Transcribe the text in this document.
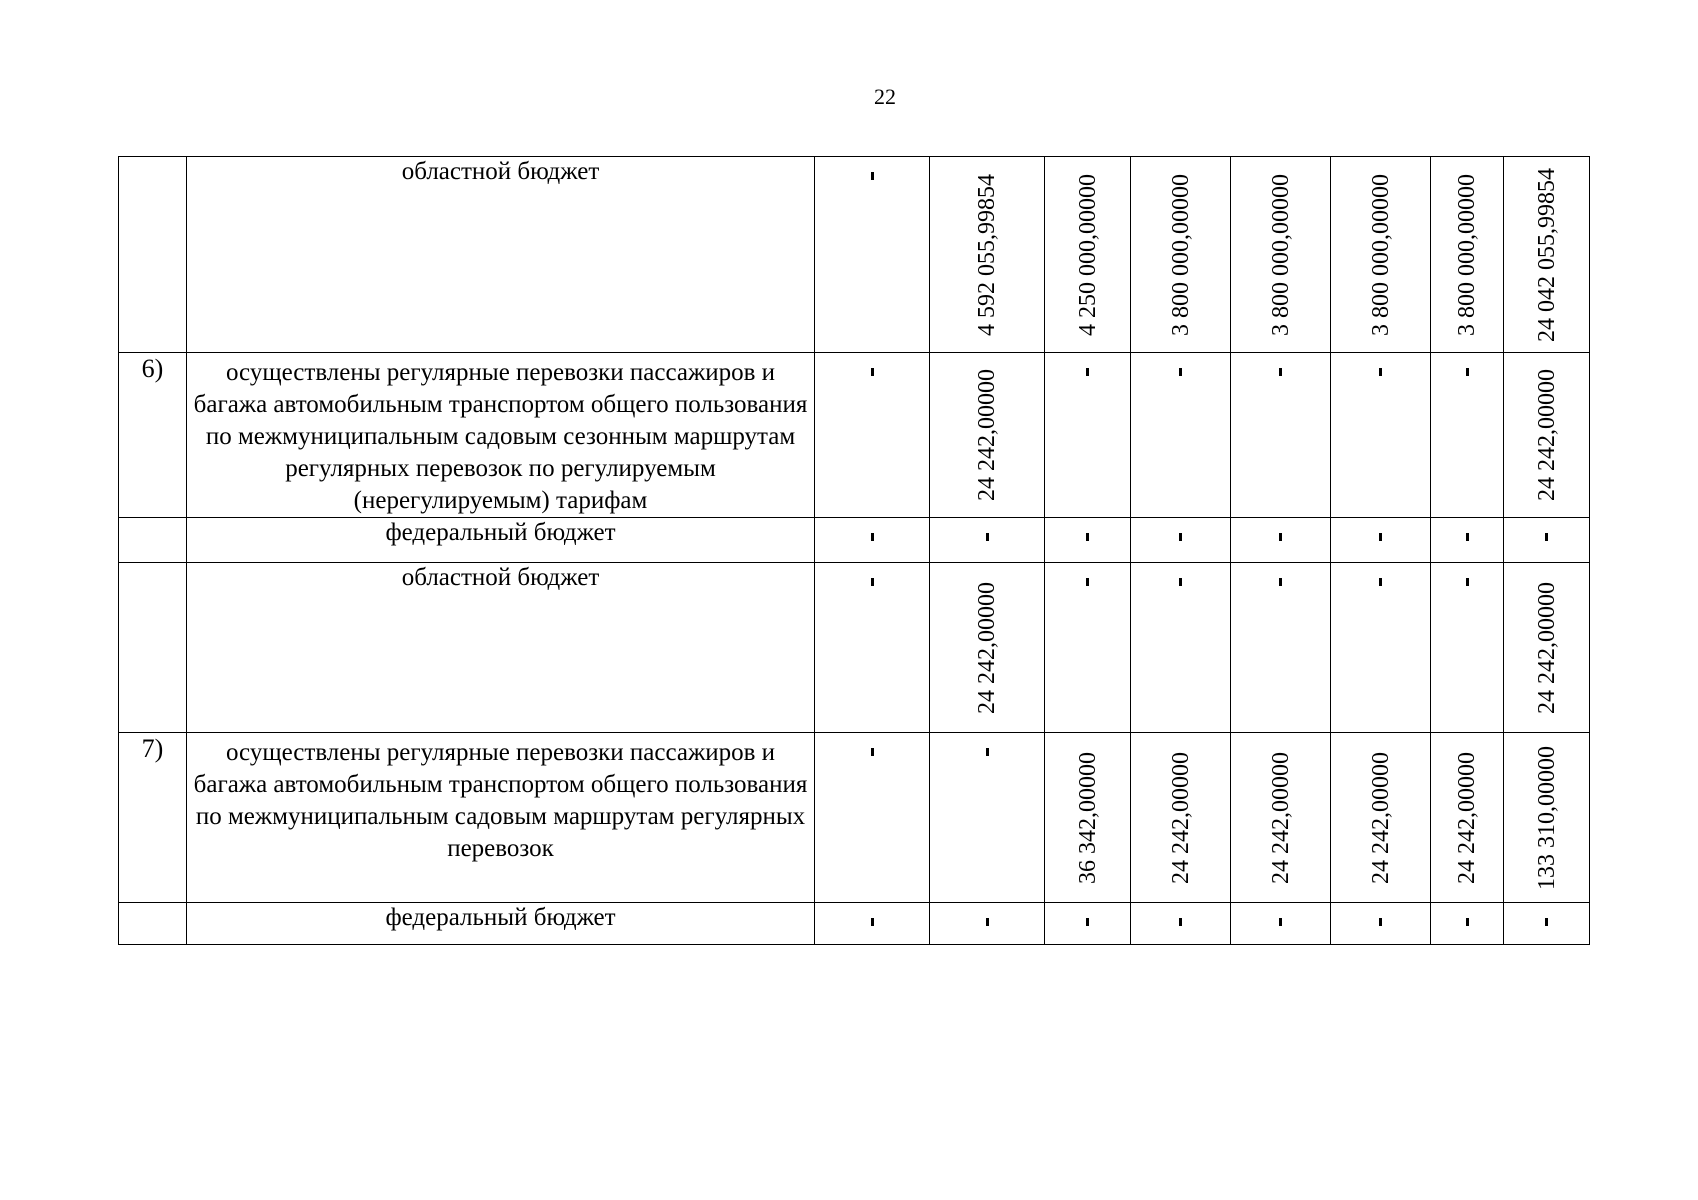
22
	областной бюджет		4 592 055,99854	4 250 000,00000	3 800 000,00000	3 800 000,00000	3 800 000,00000	3 800 000,00000	24 042 055,99854

6)	осуществлены регулярные перевозки пассажиров и багажа автомобильным транспортом общего пользования по межмуниципальным садовым сезонным маршрутам регулярных перевозок по регулируемым (нерегулируемым) тарифам		24 242,00000						24 242,00000

	федеральный бюджет								
	областной бюджет		24 242,00000						24 242,00000

7)	осуществлены регулярные перевозки пассажиров и багажа автомобильным транспортом общего пользования по межмуниципальным садовым маршрутам регулярных перевозок			36 342,00000	24 242,00000	24 242,00000	24 242,00000	24 242,00000	133 310,00000

	федеральный бюджет								
